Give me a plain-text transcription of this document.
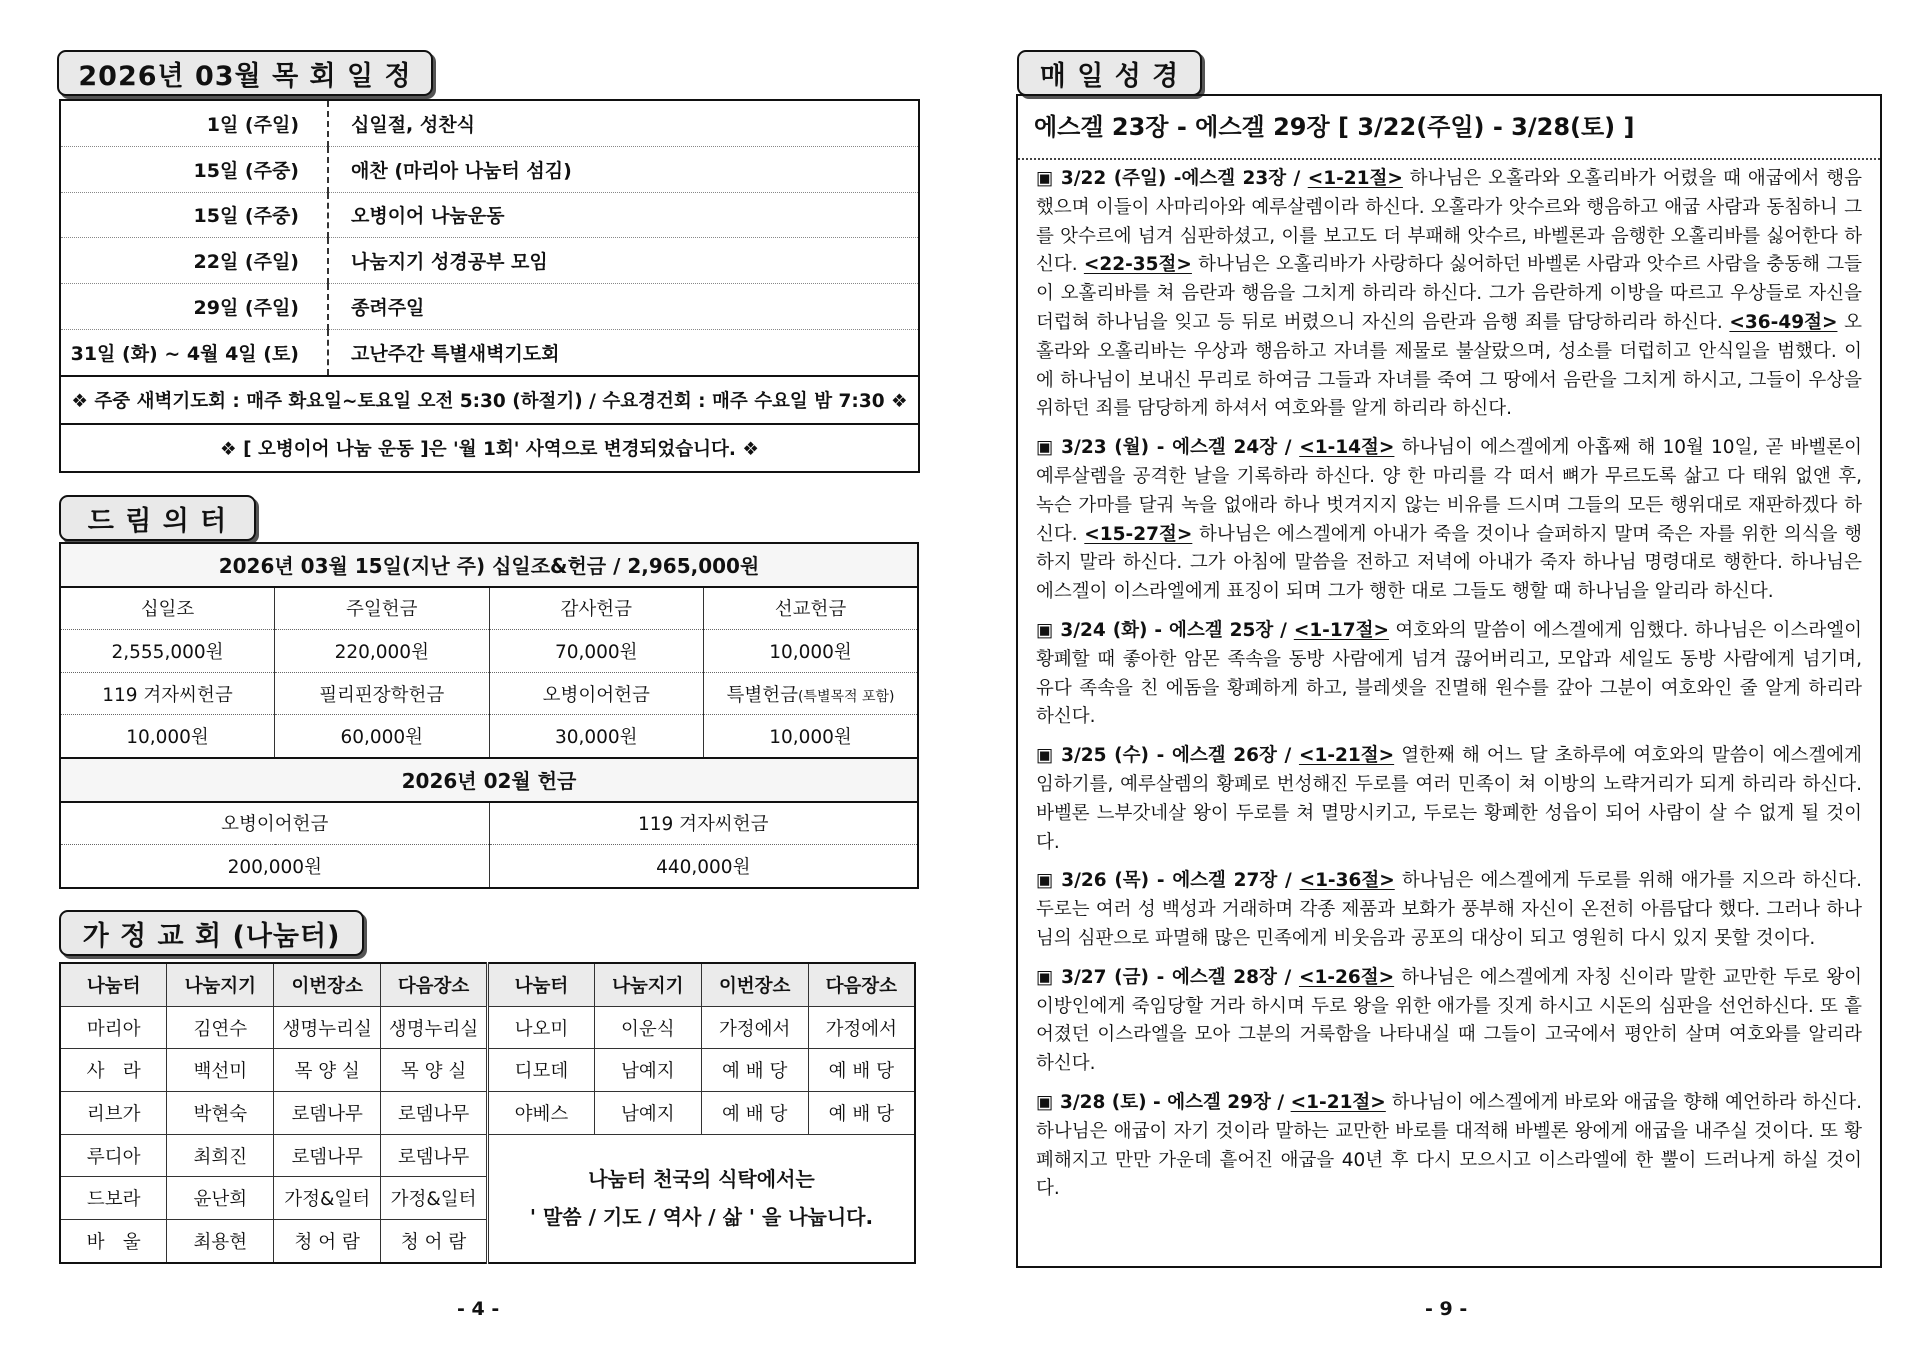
2026년 03월 목 회 일 정
1일 (주일)	십일절, 성찬식
15일 (주중)	애찬 (마리아 나눔터 섬김)
15일 (주중)	오병이어 나눔운동
22일 (주일)	나눔지기 성경공부 모임
29일 (주일)	종려주일
31일 (화) ~ 4월 4일 (토)	고난주간 특별새벽기도회
❖ 주중 새벽기도회 : 매주 화요일~토요일 오전 5:30 (하절기) / 수요경건회 : 매주 수요일 밤 7:30 ❖	
❖ [ 오병이어 나눔 운동 ]은 '월 1회' 사역으로 변경되었습니다. ❖	
드 림 의 터
2026년 03월 15일(지난 주) 십일조&헌금 / 2,965,000원			
십일조	주일헌금	감사헌금	선교헌금
2,555,000원	220,000원	70,000원	10,000원
119 겨자씨헌금	필리핀장학헌금	오병이어헌금	특별헌금(특별목적 포함)
10,000원	60,000원	30,000원	10,000원
2026년 02월 헌금			
오병이어헌금		119 겨자씨헌금	
200,000원		440,000원	
가 정 교 회 (나눔터)
나눔터	나눔지기	이번장소	다음장소	나눔터	나눔지기	이번장소	다음장소
마리아	김연수	생명누리실	생명누리실	나오미	이운식	가정에서	가정에서
사　라	백선미	목 양 실	목 양 실	디모데	남예지	예 배 당	예 배 당
리브가	박현숙	로뎀나무	로뎀나무	야베스	남예지	예 배 당	예 배 당
루디아	최희진	로뎀나무	로뎀나무	나눔터 천국의 식탁에서는
' 말씀 / 기도 / 역사 / 삶 ' 을 나눕니다.			

드보라	윤난희	가정&일터	가정&일터				
바　울	최용현	청 어 람	청 어 람				
- 4 -
매 일 성 경
에스겔 23장 - 에스겔 29장 [ 3/22(주일) - 3/28(토) ]
▣ 3/22 (주일) -에스겔 23장 / <1-21절> 하나님은 오홀라와 오홀리바가 어렸을 때 애굽에서 행음했으며 이들이 사마리아와 예루살렘이라 하신다. 오홀라가 앗수르와 행음하고 애굽 사람과 동침하니 그를 앗수르에 넘겨 심판하셨고, 이를 보고도 더 부패해 앗수르, 바벨론과 음행한 오홀리바를 싫어한다 하신다. <22-35절> 하나님은 오홀리바가 사랑하다 싫어하던 바벨론 사람과 앗수르 사람을 충동해 그들이 오홀리바를 쳐 음란과 행음을 그치게 하리라 하신다. 그가 음란하게 이방을 따르고 우상들로 자신을 더럽혀 하나님을 잊고 등 뒤로 버렸으니 자신의 음란과 음행 죄를 담당하리라 하신다. <36-49절> 오홀라와 오홀리바는 우상과 행음하고 자녀를 제물로 불살랐으며, 성소를 더럽히고 안식일을 범했다. 이에 하나님이 보내신 무리로 하여금 그들과 자녀를 죽여 그 땅에서 음란을 그치게 하시고, 그들이 우상을 위하던 죄를 담당하게 하셔서 여호와를 알게 하리라 하신다.
▣ 3/23 (월) - 에스겔 24장 / <1-14절> 하나님이 에스겔에게 아홉째 해 10월 10일, 곧 바벨론이 예루살렘을 공격한 날을 기록하라 하신다. 양 한 마리를 각 떠서 뼈가 무르도록 삶고 다 태워 없앤 후, 녹슨 가마를 달궈 녹을 없애라 하나 벗겨지지 않는 비유를 드시며 그들의 모든 행위대로 재판하겠다 하신다. <15-27절> 하나님은 에스겔에게 아내가 죽을 것이나 슬퍼하지 말며 죽은 자를 위한 의식을 행하지 말라 하신다. 그가 아침에 말씀을 전하고 저녁에 아내가 죽자 하나님 명령대로 행한다. 하나님은 에스겔이 이스라엘에게 표징이 되며 그가 행한 대로 그들도 행할 때 하나님을 알리라 하신다.
▣ 3/24 (화) - 에스겔 25장 / <1-17절> 여호와의 말씀이 에스겔에게 임했다. 하나님은 이스라엘이 황폐할 때 좋아한 암몬 족속을 동방 사람에게 넘겨 끊어버리고, 모압과 세일도 동방 사람에게 넘기며, 유다 족속을 친 에돔을 황폐하게 하고, 블레셋을 진멸해 원수를 갚아 그분이 여호와인 줄 알게 하리라 하신다.
▣ 3/25 (수) - 에스겔 26장 / <1-21절> 열한째 해 어느 달 초하루에 여호와의 말씀이 에스겔에게 임하기를, 예루살렘의 황폐로 번성해진 두로를 여러 민족이 쳐 이방의 노략거리가 되게 하리라 하신다. 바벨론 느부갓네살 왕이 두로를 쳐 멸망시키고, 두로는 황폐한 성읍이 되어 사람이 살 수 없게 될 것이다.
▣ 3/26 (목) - 에스겔 27장 / <1-36절> 하나님은 에스겔에게 두로를 위해 애가를 지으라 하신다. 두로는 여러 성 백성과 거래하며 각종 제품과 보화가 풍부해 자신이 온전히 아름답다 했다. 그러나 하나님의 심판으로 파멸해 많은 민족에게 비웃음과 공포의 대상이 되고 영원히 다시 있지 못할 것이다.
▣ 3/27 (금) - 에스겔 28장 / <1-26절> 하나님은 에스겔에게 자칭 신이라 말한 교만한 두로 왕이 이방인에게 죽임당할 거라 하시며 두로 왕을 위한 애가를 짓게 하시고 시돈의 심판을 선언하신다. 또 흩어졌던 이스라엘을 모아 그분의 거룩함을 나타내실 때 그들이 고국에서 평안히 살며 여호와를 알리라 하신다.
▣ 3/28 (토) - 에스겔 29장 / <1-21절> 하나님이 에스겔에게 바로와 애굽을 향해 예언하라 하신다. 하나님은 애굽이 자기 것이라 말하는 교만한 바로를 대적해 바벨론 왕에게 애굽을 내주실 것이다. 또 황폐해지고 만만 가운데 흩어진 애굽을 40년 후 다시 모으시고 이스라엘에 한 뿔이 드러나게 하실 것이다.
- 9 -
